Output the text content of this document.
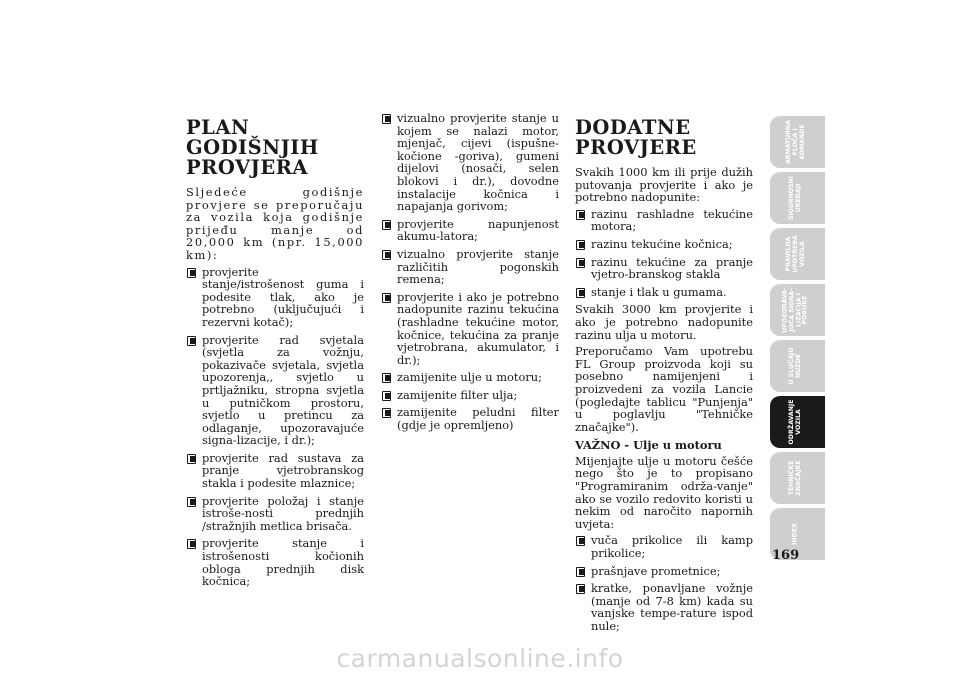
PLAN GODIŠNJIH
PROVJERA

Sljedeće godišnje provjere se preporučaju za vozila koja godišnje prijeđu manje od 20,000 km (npr. 15,000 km):

provjerite stanje/istrošenost guma i podesite tlak, ako je potrebno (uključujući i rezervni kotač);
provjerite rad svjetala (svjetla za vožnju, pokazivače svjetala, svjetla upozorenja,, svjetlo u prtljažniku, stropna svjetla u putničkom prostoru, svjetlo u pretincu za odlaganje, upozoravajuće signa-lizacije, i dr.);
provjerite rad sustava za pranje vjetrobranskog stakla i podesite mlaznice;
provjerite položaj i stanje istroše-nosti prednjih /stražnjih metlica brisača.
provjerite stanje i istrošenosti kočionih obloga prednjih disk kočnica;
vizualno provjerite stanje u kojem se nalazi motor, mjenjač, cijevi (ispušne-kočione -goriva), gumeni dijelovi (nosači, selen blokovi i dr.), dovodne instalacije kočnica i napajanja gorivom;
provjerite napunjenost akumu-latora;
vizualno provjerite stanje različitih pogonskih remena;
provjerite i ako je potrebno nadopunite razinu tekućina (rashladne tekućine motor, kočnice, tekućina za pranje vjetrobrana, akumulator, i dr.);
zamijenite ulje u motoru;
zamijenite filter ulja;
zamijenite peludni filter (gdje je opremljeno)
DODATNE
PROVJERE

Svakih 1000 km ili prije dužih putovanja provjerite i ako je potrebno nadopunite:

razinu rashladne tekućine motora;
razinu tekućine kočnica;
razinu tekućine za pranje vjetro-branskog stakla
stanje i tlak u gumama.

Svakih 3000 km provjerite i ako je potrebno nadopunite razinu ulja u motoru.

Preporučamo Vam upotrebu FL Group proizvoda koji su posebno namijenjeni i proizvedeni za vozila Lancie (pogledajte tablicu "Punjenja" u poglavlju "Tehničke značajke").

VAŽNO - Ulje u motoru

Mijenjajte ulje u motoru češće nego što je to propisano "Programiranim održa-vanje" ako se vozilo redovito koristi u nekim od naročito napornih uvjeta:

vuča prikolice ili kamp prikolice;
prašnjave prometnice;
kratke, ponavljane vožnje (manje od 7-8 km) kada su vanjske tempe-rature ispod nule;
ARMATURNA PLOČA I KOMANDE
SIGURNOSNI UREĐAJI
PRAVILNA UPOTREBA VOZILA
UPOZORAVA-JUĆA SIGNA-LIZACIJA I PORUKE
U SLUČAJU NUŽDE
ODRŽAVANJE VOZILA
TEHNIČKE ZNAČAJKE
INDEX
169
carmanualsonline.info
